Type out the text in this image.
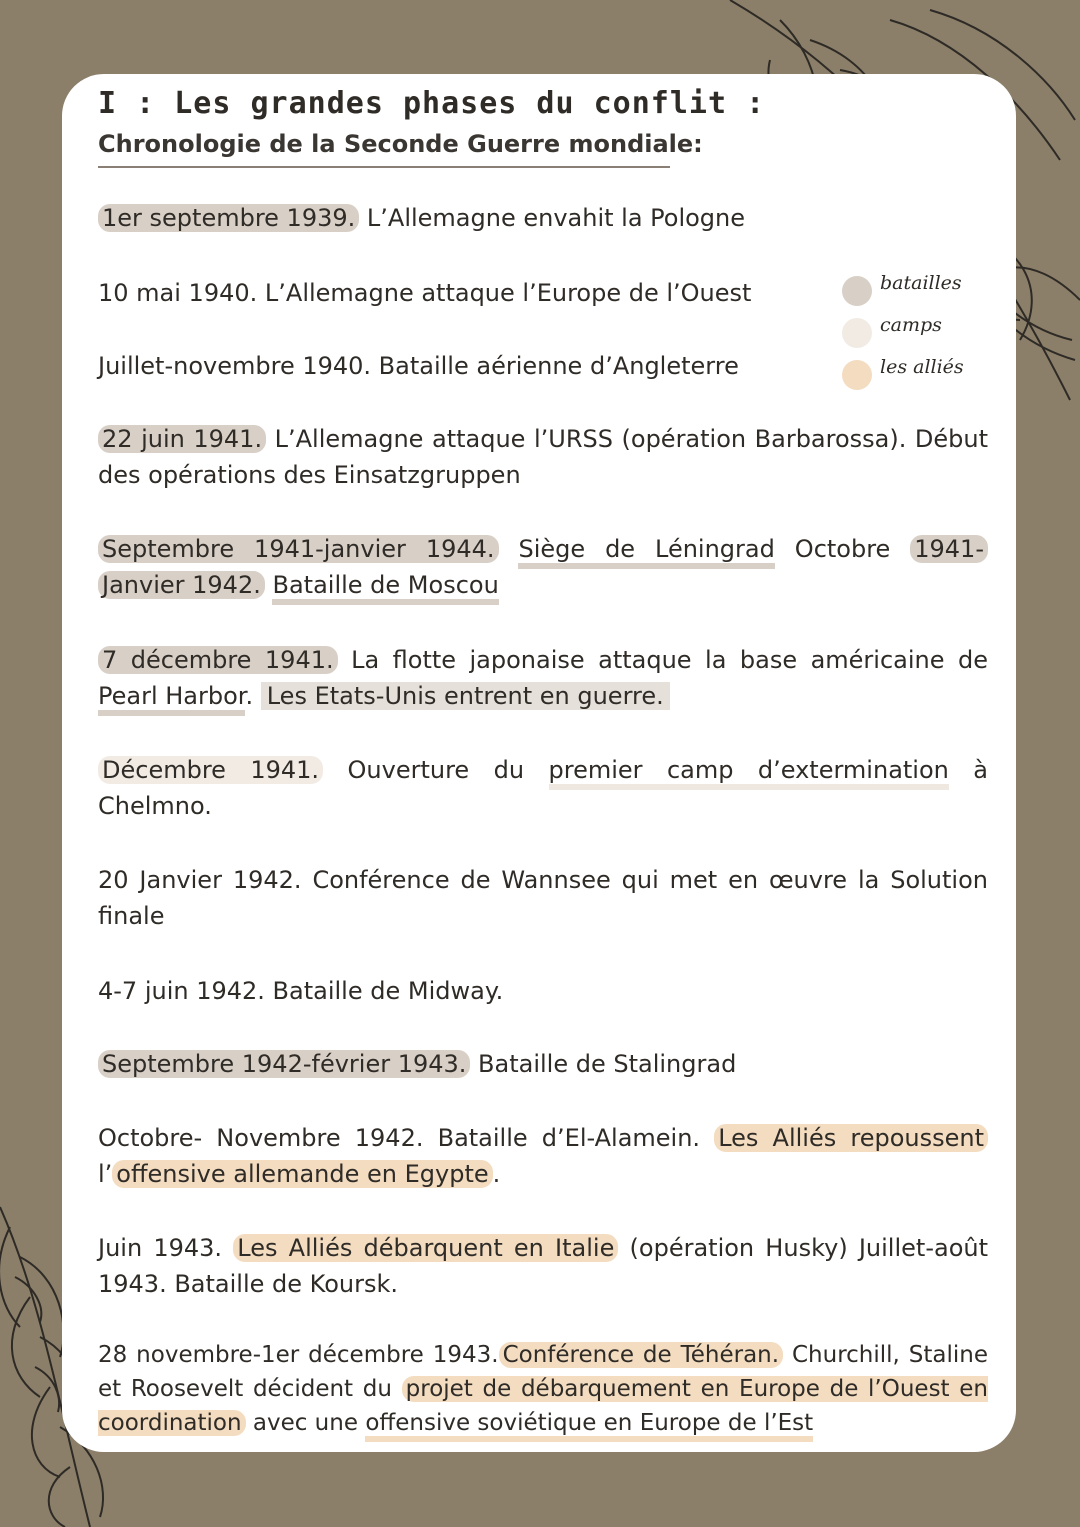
I : Les grandes phases du conflit :
Chronologie de la Seconde Guerre mondiale:
batailles
camps
les alliés

1er septembre 1939. L’Allemagne envahit la Pologne

10 mai 1940. L’Allemagne attaque l’Europe de l’Ouest

Juillet-novembre 1940. Bataille aérienne d’Angleterre

22 juin 1941. L’Allemagne attaque l’URSS (opération Barbarossa). Début des opérations des Einsatzgruppen

Septembre 1941-janvier 1944. Siège de Léningrad Octobre 1941- Janvier 1942. Bataille de Moscou

7 décembre 1941. La flotte japonaise attaque la base américaine de Pearl Harbor. Les Etats-Unis entrent en guerre.

Décembre 1941. Ouverture du premier camp d’extermination à Chelmno.

20 Janvier 1942. Conférence de Wannsee qui met en œuvre la Solution finale

4-7 juin 1942. Bataille de Midway.

Septembre 1942-février 1943. Bataille de Stalingrad

Octobre- Novembre 1942. Bataille d’El-Alamein. Les Alliés repoussent l’ offensive allemande en Egypte .

Juin 1943. Les Alliés débarquent en Italie (opération Husky) Juillet-août 1943. Bataille de Koursk.

28 novembre-1er décembre 1943. Conférence de Téhéran. Churchill, Staline et Roosevelt décident du projet de débarquement en Europe de l’Ouest en coordination avec une offensive soviétique en Europe de l’Est
